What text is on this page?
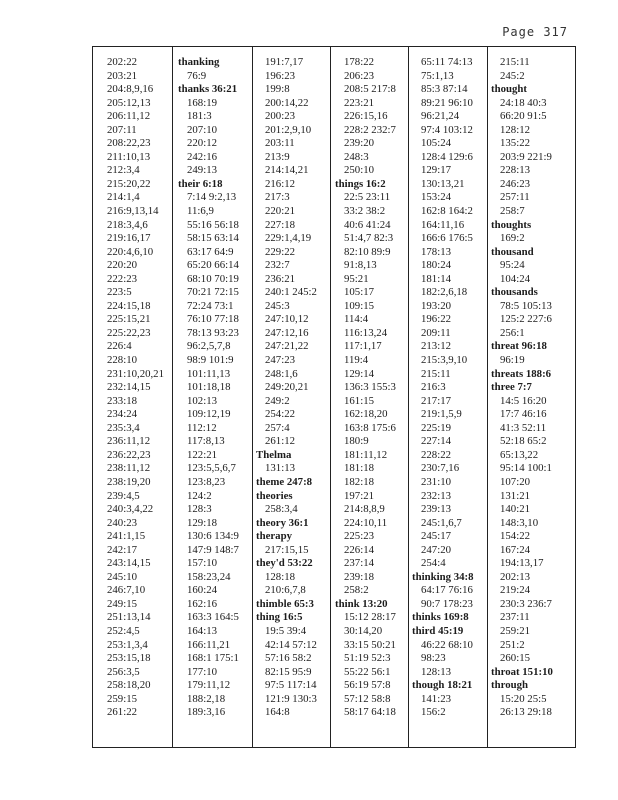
Page 317
202:22
203:21
204:8,9,16
205:12,13
206:11,12
207:11
208:22,23
211:10,13
212:3,4
215:20,22
214:1,4
216:9,13,14
218:3,4,6
219:16,17
220:4,6,10
220:20
222:23
223:5
224:15,18
225:15,21
225:22,23
226:4
228:10
231:10,20,21
232:14,15
233:18
234:24
235:3,4
236:11,12
236:22,23
238:11,12
238:19,20
239:4,5
240:3,4,22
240:23
241:1,15
242:17
243:14,15
245:10
246:7,10
249:15
251:13,14
252:4,5
253:1,3,4
253:15,18
256:3,5
258:18,20
259:15
261:22
thanking
76:9
thanks 36:21
168:19
181:3
207:10
220:12
242:16
249:13
their 6:18
7:14 9:2,13
11:6,9
55:16 56:18
58:15 63:14
63:17 64:9
65:20 66:14
68:10 70:19
70:21 72:15
72:24 73:1
76:10 77:18
78:13 93:23
96:2,5,7,8
98:9 101:9
101:11,13
101:18,18
102:13
109:12,19
112:12
117:8,13
122:21
123:5,5,6,7
123:8,23
124:2
128:3
129:18
130:6 134:9
147:9 148:7
157:10
158:23,24
160:24
162:16
163:3 164:5
164:13
166:11,21
168:1 175:1
177:10
179:11,12
188:2,18
189:3,16
191:7,17
196:23
199:8
200:14,22
200:23
201:2,9,10
203:11
213:9
214:14,21
216:12
217:3
220:21
227:18
229:1,4,19
229:22
232:7
236:21
240:1 245:2
245:3
247:10,12
247:12,16
247:21,22
247:23
248:1,6
249:20,21
249:2
254:22
257:4
261:12
Thelma
131:13
theme 247:8
theories
258:3,4
theory 36:1
therapy
217:15,15
they'd 53:22
128:18
210:6,7,8
thimble 65:3
thing 16:5
19:5 39:4
42:14 57:12
57:16 58:2
82:15 95:9
97:5 117:14
121:9 130:3
164:8
178:22
206:23
208:5 217:8
223:21
226:15,16
228:2 232:7
239:20
248:3
250:10
things 16:2
22:5 23:11
33:2 38:2
40:6 41:24
51:4,7 82:3
82:10 89:9
91:8,13
95:21
105:17
109:15
114:4
116:13,24
117:1,17
119:4
129:14
136:3 155:3
161:15
162:18,20
163:8 175:6
180:9
181:11,12
181:18
182:18
197:21
214:8,8,9
224:10,11
225:23
226:14
237:14
239:18
258:2
think 13:20
15:12 28:17
30:14,20
33:15 50:21
51:19 52:3
55:22 56:1
56:19 57:8
57:12 58:8
58:17 64:18
65:11 74:13
75:1,13
85:3 87:14
89:21 96:10
96:21,24
97:4 103:12
105:24
128:4 129:6
129:17
130:13,21
153:24
162:8 164:2
164:11,16
166:6 176:5
178:13
180:24
181:14
182:2,6,18
193:20
196:22
209:11
213:12
215:3,9,10
215:11
216:3
217:17
219:1,5,9
225:19
227:14
228:22
230:7,16
231:10
232:13
239:13
245:1,6,7
245:17
247:20
254:4
thinking 34:8
64:17 76:16
90:7 178:23
thinks 169:8
third 45:19
46:22 68:10
98:23
128:13
though 18:21
141:23
156:2
215:11
245:2
thought
24:18 40:3
66:20 91:5
128:12
135:22
203:9 221:9
228:13
246:23
257:11
258:7
thoughts
169:2
thousand
95:24
104:24
thousands
78:5 105:13
125:2 227:6
256:1
threat 96:18
96:19
threats 188:6
three 7:7
14:5 16:20
17:7 46:16
41:3 52:11
52:18 65:2
65:13,22
95:14 100:1
107:20
131:21
140:21
148:3,10
154:22
167:24
194:13,17
202:13
219:24
230:3 236:7
237:11
259:21
251:2
260:15
throat 151:10
through
15:20 25:5
26:13 29:18
